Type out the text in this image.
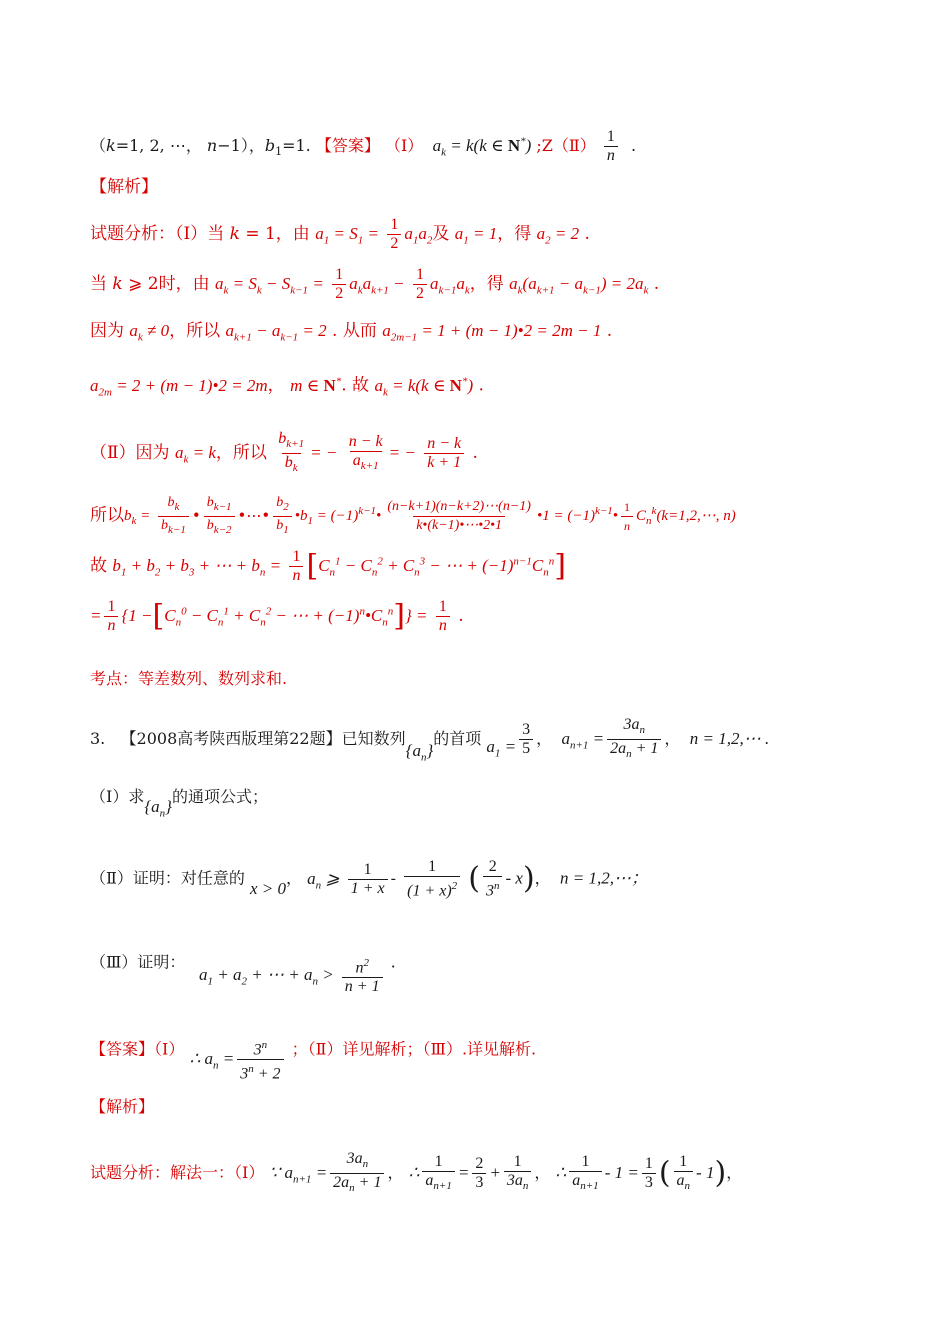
（k=1, 2, ⋯， n−1），$b_1=1$. 【答案】 （Ⅰ）  $a_k = k(k$ ∈ N*) ;Z（Ⅱ） $\frac{1}{n}$ .
【解析】
试题分析：（Ⅰ）当 k = 1，由 $a_1 = S_1 = \frac{1}{2} a_1a_2$及 $a_1 = 1$，得 $a_2 = 2$ .
当 k ⩾ 2时，由 $a_k = S_k - S_{k-1} = \frac{1}{2} a_ka_{k+1} - \frac{1}{2} a_{k-1}a_k$，得 $a_k(a_{k+1} - a_{k-1}) = 2a_k$ .
因为 $a_k \ne 0$，所以 $a_{k+1} - a_{k-1} = 2$ . 从而 $a_{2m-1} = 1 + (m$ − 1)•2 = 2m − 1 .
$a_{2m} = 2 + (m$ − 1)•2 = 2m， m ∈ N*. 故 $a_k = k(k$ ∈ N*) .
（Ⅱ）因为 $a_k = k$，所以 $\frac{b_{k+1}}{b_k}$ = − $\frac{n - k}{a_{k+1}}$ = − $\frac{n - k}{k + 1}$ .
所以$b_k = \frac{b_k}{b_{k-1}}$ • $\frac{b_{k-1}}{b_{k-2}}$ •⋯• $\frac{b_2}{b_1}$ $•b_1$ = $(-1)^{k-1}• \frac{(n-k+1)(n-k+2)\cdots(n-1)}{k•(k-1)•\cdots•2•1}$ •1 = $(-1)^{k-1}• \frac{1}{n}$ $C_n^k(k=1,2,\cdots$, n)
故 $b_1 + b_2 + b_3$ + ⋯ + $b_n = \frac{1}{n} [C_n^1 - C_n^2 + C_n^3$ − ⋯ + $(-1)^{n-1}C_n^n$]
= $\frac{1}{n} \{1 -[C_n^0 - C_n^1 + C_n^2$ − ⋯ + $(-1)^n•C_n^n]\} = \frac{1}{n}$ .
考点：等差数列、数列求和.
3. 【2008高考陕西版理第22题】已知数列$\{a_n\}$的首项 $a_1 = \frac{3}{5}$ ，  $a_{n+1} = \frac{3a_n}{2a_n + 1}$ ，  n = 1,2,⋯ .
（Ⅰ）求$\{a_n\}$的通项公式；
（Ⅱ）证明：对任意的 x > 0， $a_n$ ⩾ $\frac{1}{1 + x} - \frac{1}{(1 + x)^2}$ ( $\frac{2}{3^n} - x$)，  n = 1,2,⋯；
（Ⅲ）证明：   $a_1 + a_2$ + ⋯ + $a_n > \frac{n^2}{n + 1}$ .
【答案】（Ⅰ） ∴ $a_n = \frac{3^n}{3^n + 2}$ ；（Ⅱ）详见解析；（Ⅲ）.详见解析.
【解析】
试题分析：解法一：（Ⅰ） ∵ $a_{n+1} = \frac{3a_n}{2a_n + 1}$ ， ∴ $\frac{1}{a_{n+1}} = \frac{2}{3} + \frac{1}{3a_n}$ ， ∴ $\frac{1}{a_{n+1}} - 1 = \frac{1}{3}$ ( $\frac{1}{a_n} - 1$)，
